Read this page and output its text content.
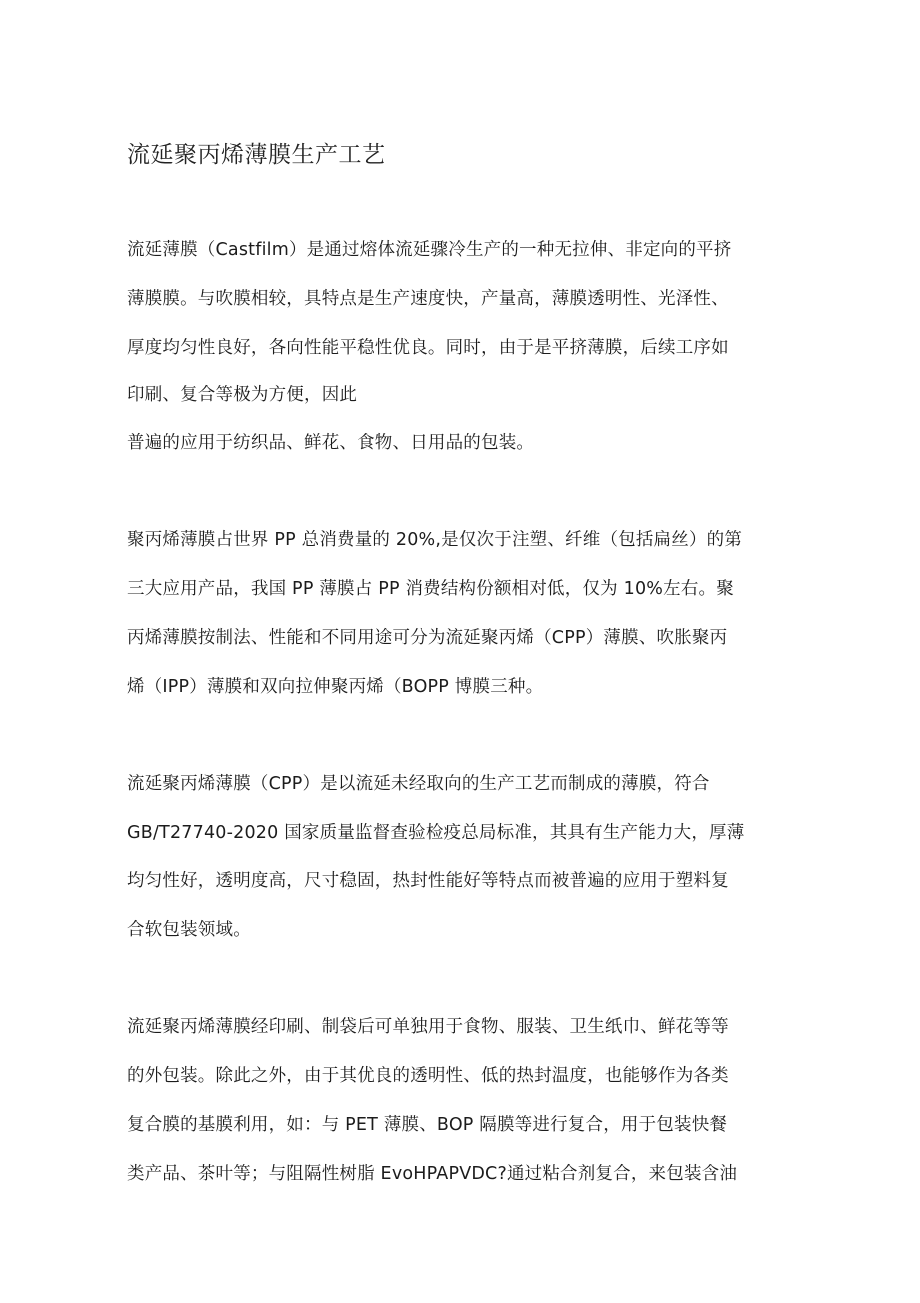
流延聚丙烯薄膜生产工艺
流延薄膜（Castfilm）是通过熔体流延骤冷生产的一种无拉伸、非定向的平挤
薄膜膜。与吹膜相较，具特点是生产速度快，产量高，薄膜透明性、光泽性、
厚度均匀性良好，各向性能平稳性优良。同时，由于是平挤薄膜，后续工序如
印刷、复合等极为方便，因此
普遍的应用于纺织品、鲜花、食物、日用品的包装。
聚丙烯薄膜占世界 PP 总消费量的 20%,是仅次于注塑、纤维（包括扁丝）的第
三大应用产品，我国 PP 薄膜占 PP 消费结构份额相对低，仅为 10%左右。聚
丙烯薄膜按制法、性能和不同用途可分为流延聚丙烯（CPP）薄膜、吹胀聚丙
烯（IPP）薄膜和双向拉伸聚丙烯（BOPP 博膜三种。
流延聚丙烯薄膜（CPP）是以流延未经取向的生产工艺而制成的薄膜，符合
GB/T27740-2020 国家质量监督查验检疫总局标准，其具有生产能力大，厚薄
均匀性好，透明度高，尺寸稳固，热封性能好等特点而被普遍的应用于塑料复
合软包装领域。
流延聚丙烯薄膜经印刷、制袋后可单独用于食物、服装、卫生纸巾、鲜花等等
的外包装。除此之外，由于其优良的透明性、低的热封温度，也能够作为各类
复合膜的基膜利用，如：与 PET 薄膜、BOP 隔膜等进行复合，用于包装快餐
类产品、茶叶等；与阻隔性树脂 EvoHPAPVDC?通过粘合剂复合，来包装含油
